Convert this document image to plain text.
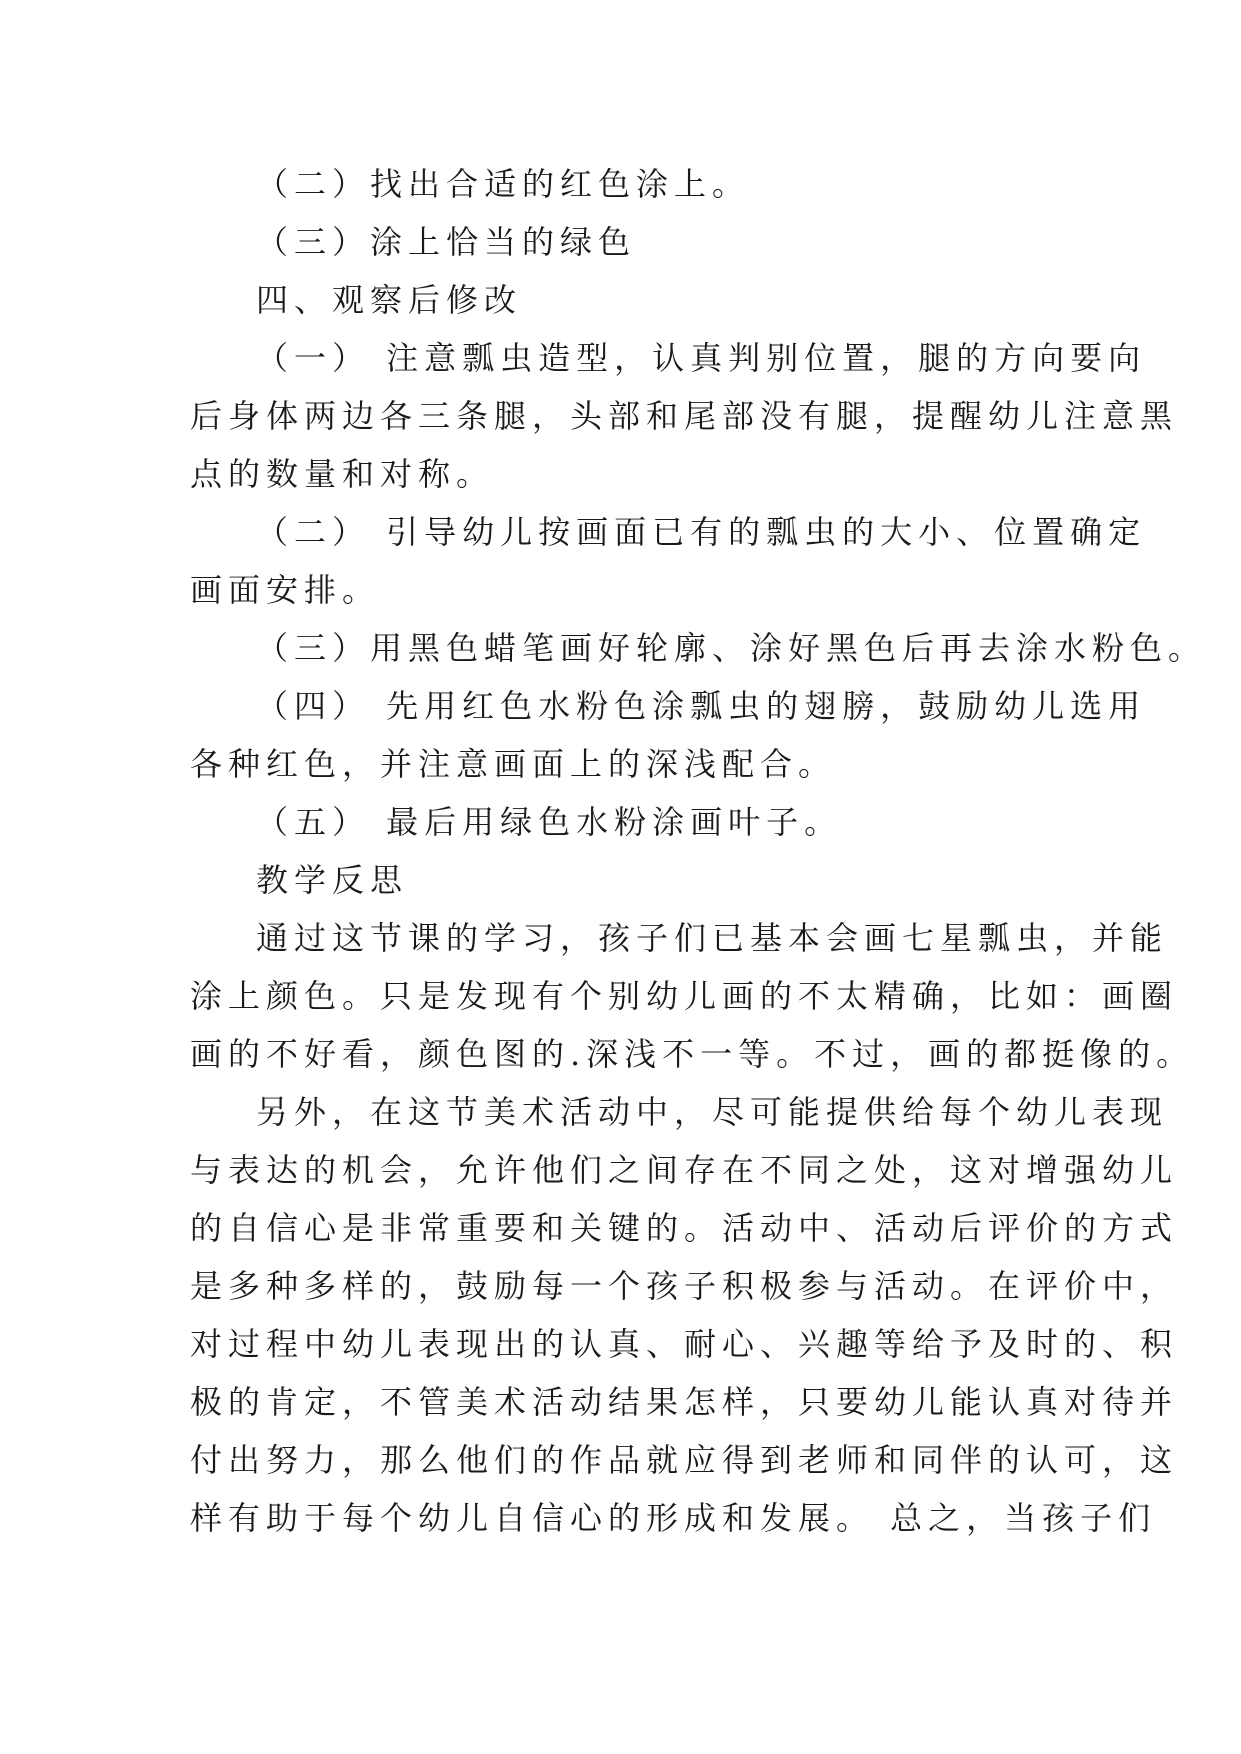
（二）找出合适的红色涂上。
（三）涂上恰当的绿色
四、观察后修改
（一） 注意瓢虫造型，认真判别位置，腿的方向要向
后身体两边各三条腿，头部和尾部没有腿，提醒幼儿注意黑
点的数量和对称。
（二） 引导幼儿按画面已有的瓢虫的大小、位置确定
画面安排。
（三）用黑色蜡笔画好轮廓、涂好黑色后再去涂水粉色。
（四） 先用红色水粉色涂瓢虫的翅膀，鼓励幼儿选用
各种红色，并注意画面上的深浅配合。
（五） 最后用绿色水粉涂画叶子。
教学反思
通过这节课的学习，孩子们已基本会画七星瓢虫，并能
涂上颜色。只是发现有个别幼儿画的不太精确，比如：画圈
画的不好看，颜色图的.深浅不一等。不过，画的都挺像的。
另外，在这节美术活动中，尽可能提供给每个幼儿表现
与表达的机会，允许他们之间存在不同之处，这对增强幼儿
的自信心是非常重要和关键的。活动中、活动后评价的方式
是多种多样的，鼓励每一个孩子积极参与活动。在评价中，
对过程中幼儿表现出的认真、耐心、兴趣等给予及时的、积
极的肯定，不管美术活动结果怎样，只要幼儿能认真对待并
付出努力，那么他们的作品就应得到老师和同伴的认可，这
样有助于每个幼儿自信心的形成和发展。 总之，当孩子们
